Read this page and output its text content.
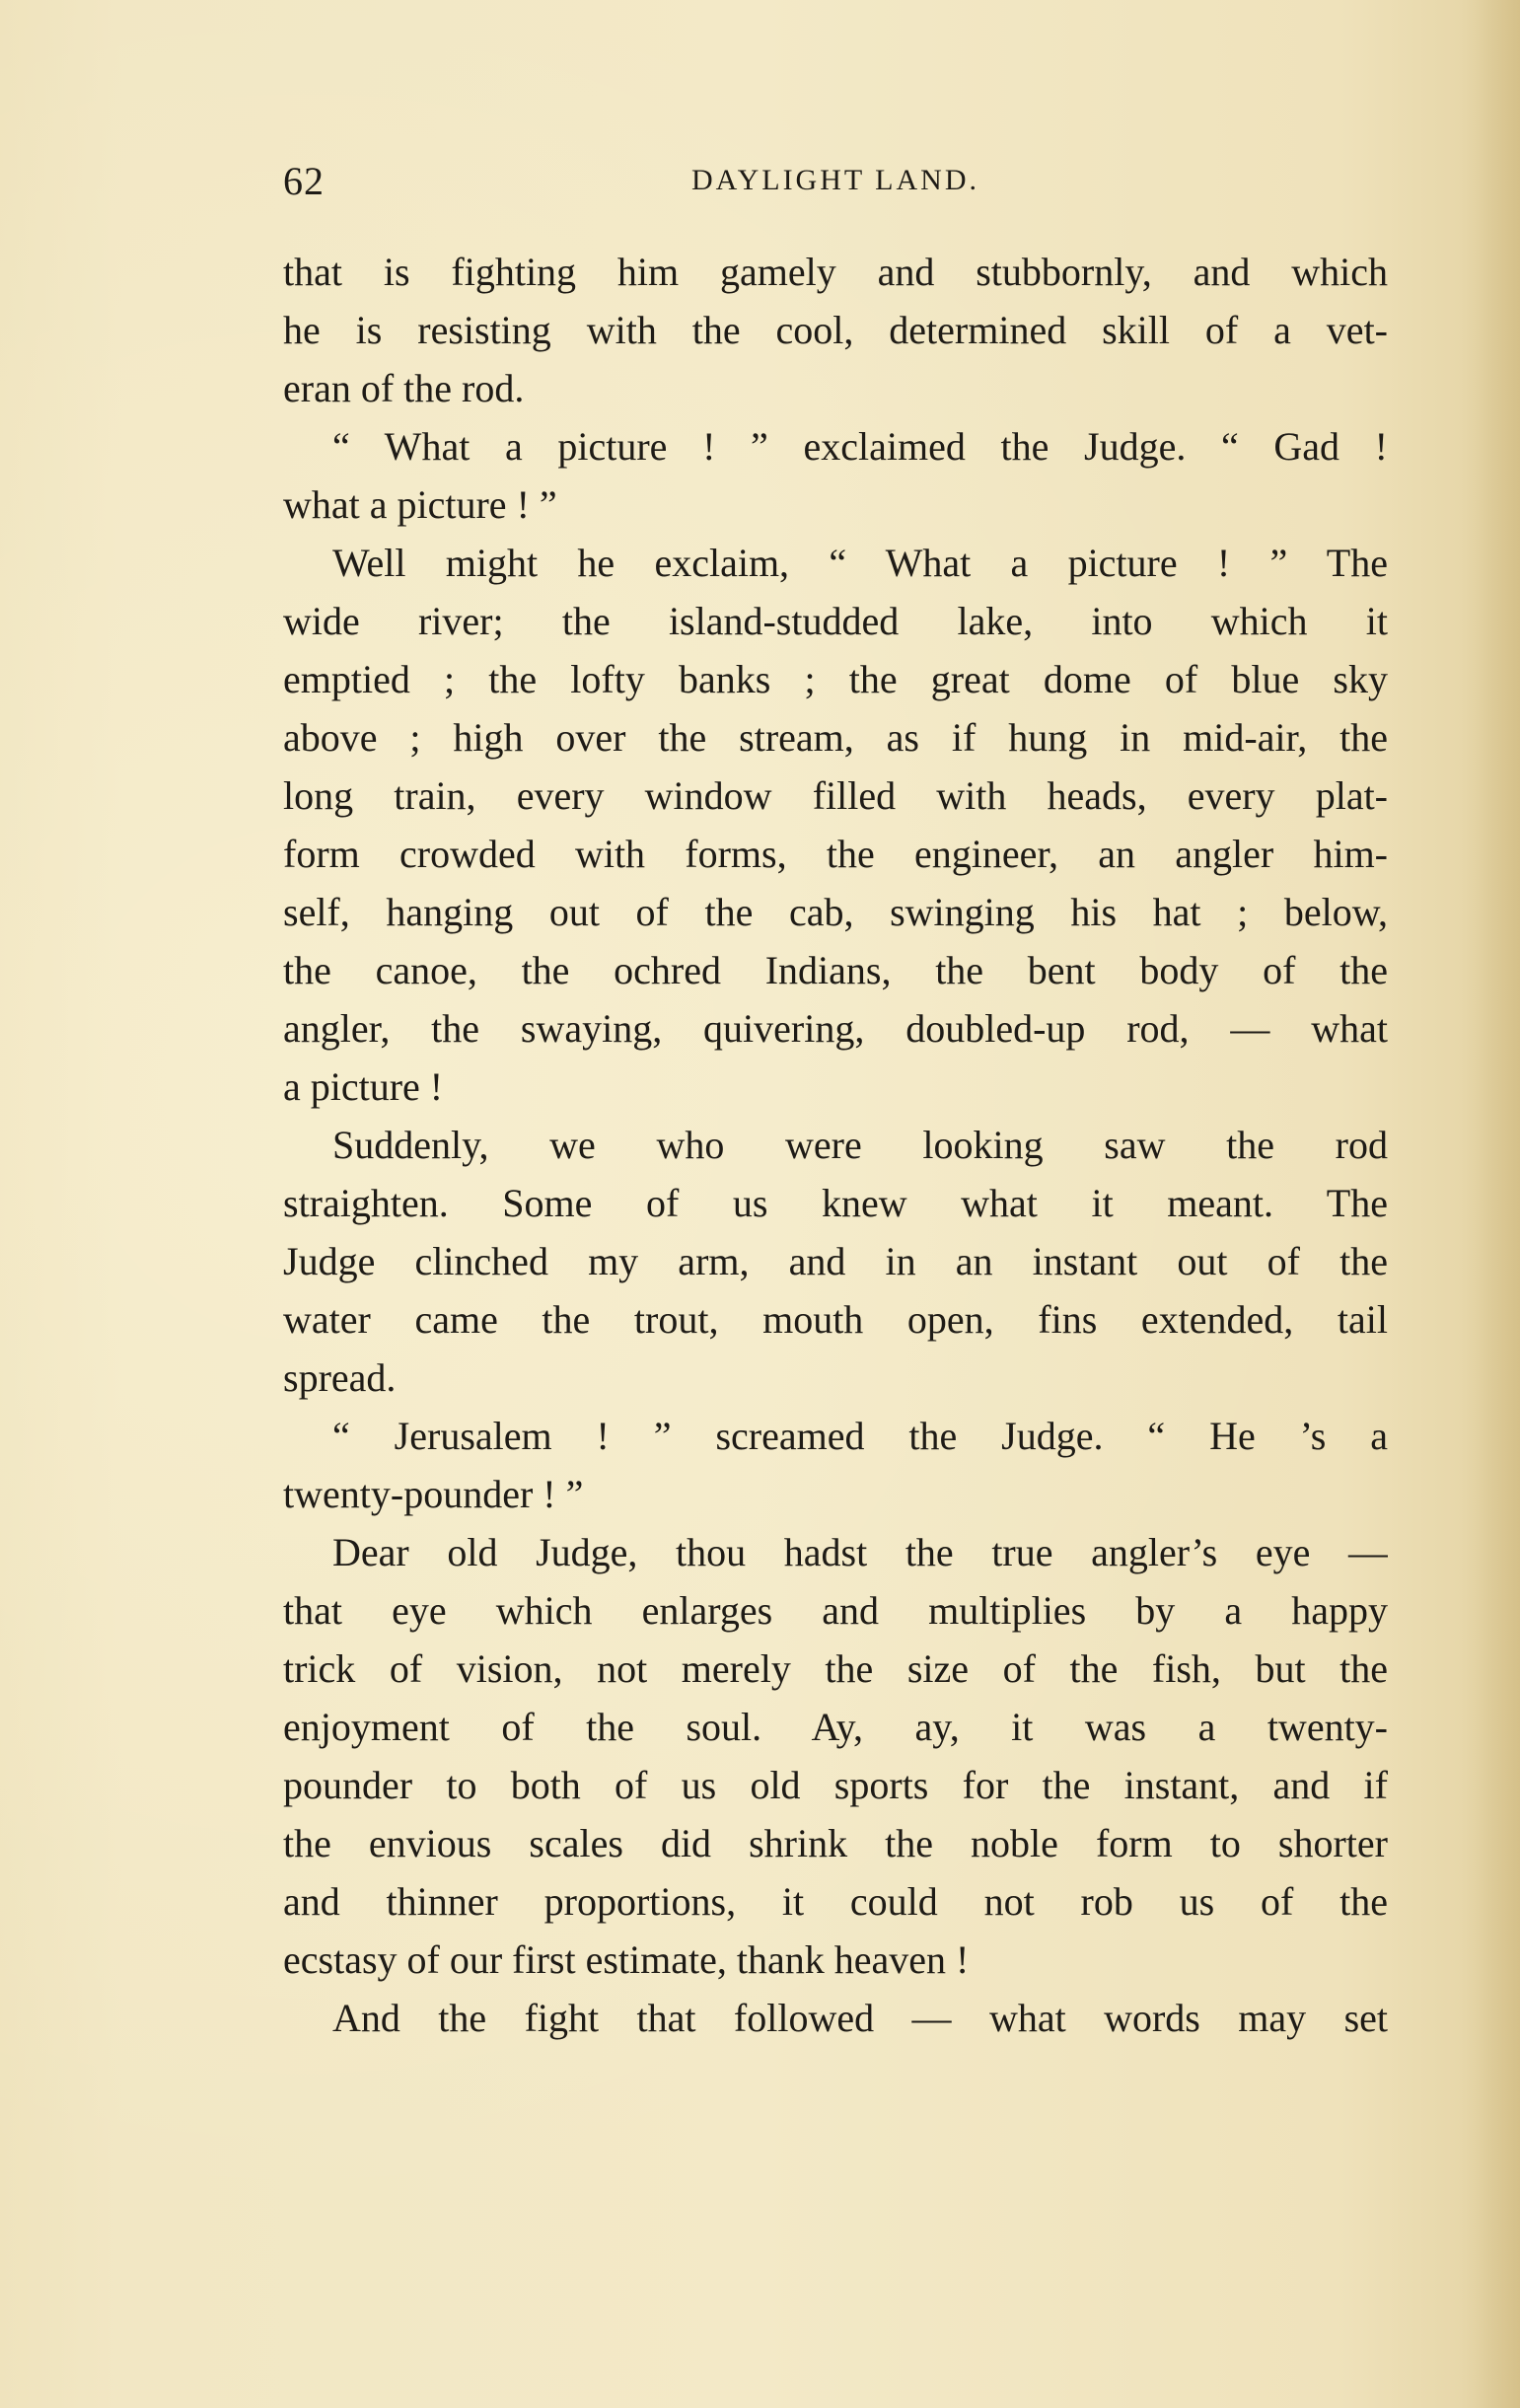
62	DAYLIGHT LAND.
that is fighting him gamely and stubbornly, and which
he is resisting with the cool, determined skill of a vet-
eran of the rod.
“ What a picture ! ” exclaimed the Judge. “ Gad !
what a picture ! ”
Well might he exclaim, “ What a picture ! ” The
wide river; the island-studded lake, into which it
emptied ; the lofty banks ; the great dome of blue sky
above ; high over the stream, as if hung in mid-air, the
long train, every window filled with heads, every plat-
form crowded with forms, the engineer, an angler him-
self, hanging out of the cab, swinging his hat ; below,
the canoe, the ochred Indians, the bent body of the
angler, the swaying, quivering, doubled-up rod, — what
a picture !
Suddenly, we who were looking saw the rod
straighten. Some of us knew what it meant. The
Judge clinched my arm, and in an instant out of the
water came the trout, mouth open, fins extended, tail
spread.
“ Jerusalem ! ” screamed the Judge. “ He ’s a
twenty-pounder ! ”
Dear old Judge, thou hadst the true angler’s eye —
that eye which enlarges and multiplies by a happy
trick of vision, not merely the size of the fish, but the
enjoyment of the soul. Ay, ay, it was a twenty-
pounder to both of us old sports for the instant, and if
the envious scales did shrink the noble form to shorter
and thinner proportions, it could not rob us of the
ecstasy of our first estimate, thank heaven !
And the fight that followed — what words may set
